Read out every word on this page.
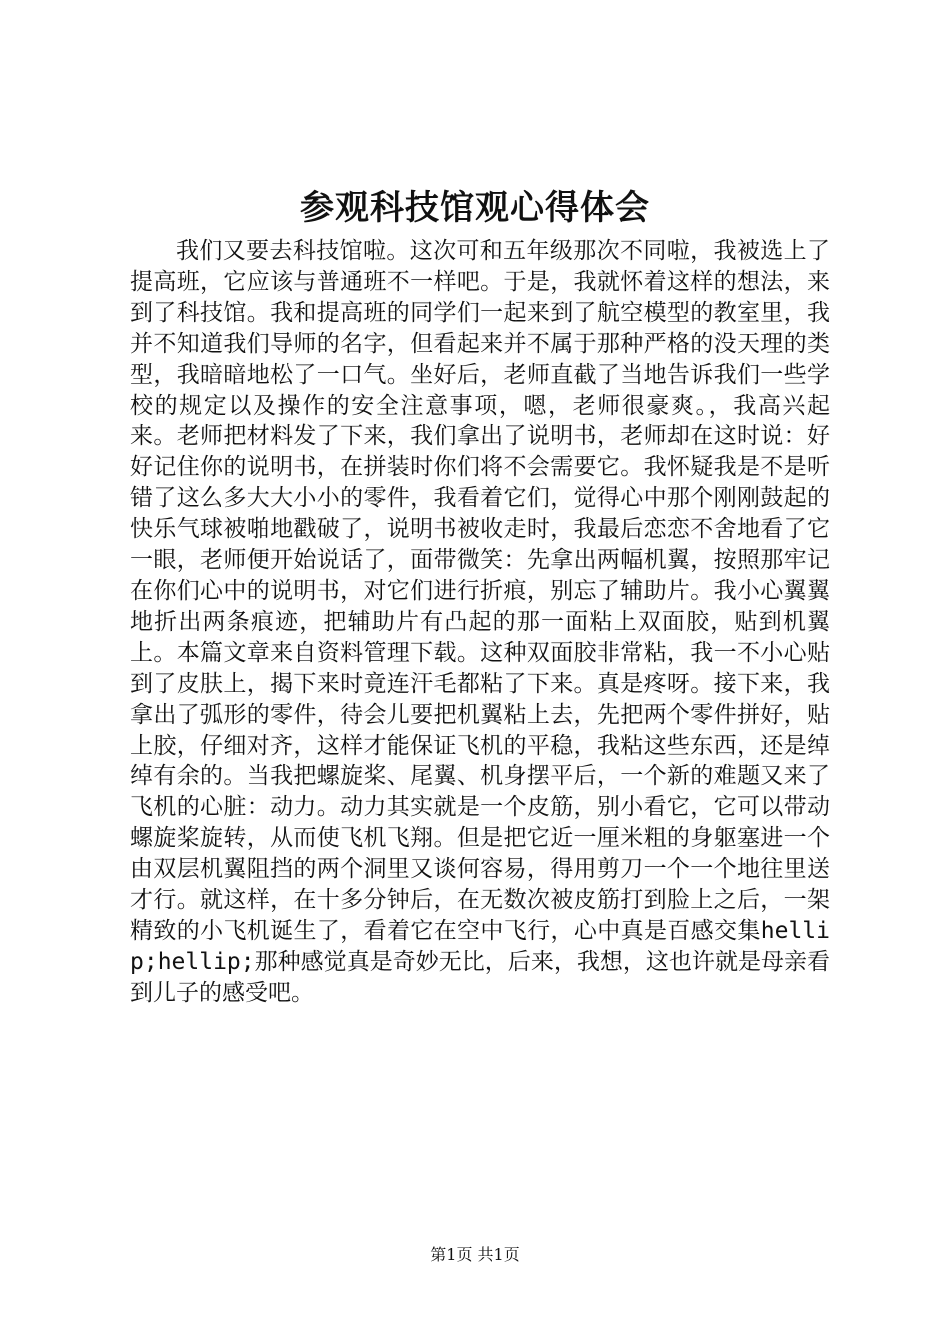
参观科技馆观心得体会

我们又要去科技馆啦。这次可和五年级那次不同啦，我被选上了提高班，它应该与普通班不一样吧。于是，我就怀着这样的想法，来到了科技馆。我和提高班的同学们一起来到了航空模型的教室里，我并不知道我们导师的名字，但看起来并不属于那种严格的没天理的类型，我暗暗地松了一口气。坐好后，老师直截了当地告诉我们一些学校的规定以及操作的安全注意事项，嗯，老师很豪爽。，我高兴起来。老师把材料发了下来，我们拿出了说明书，老师却在这时说：好好记住你的说明书，在拼装时你们将不会需要它。我怀疑我是不是听错了这么多大大小小的零件，我看着它们，觉得心中那个刚刚鼓起的快乐气球被啪地戳破了，说明书被收走时，我最后恋恋不舍地看了它一眼，老师便开始说话了，面带微笑：先拿出两幅机翼，按照那牢记在你们心中的说明书，对它们进行折痕，别忘了辅助片。我小心翼翼地折出两条痕迹，把辅助片有凸起的那一面粘上双面胶，贴到机翼上。本篇文章来自资料管理下载。这种双面胶非常粘，我一不小心贴到了皮肤上，揭下来时竟连汗毛都粘了下来。真是疼呀。接下来，我拿出了弧形的零件，待会儿要把机翼粘上去，先把两个零件拼好，贴上胶，仔细对齐，这样才能保证飞机的平稳，我粘这些东西，还是绰绰有余的。当我把螺旋桨、尾翼、机身摆平后，一个新的难题又来了飞机的心脏：动力。动力其实就是一个皮筋，别小看它，它可以带动螺旋桨旋转，从而使飞机飞翔。但是把它近一厘米粗的身躯塞进一个由双层机翼阻挡的两个洞里又谈何容易，得用剪刀一个一个地往里送才行。就这样，在十多分钟后，在无数次被皮筋打到脸上之后，一架精致的小飞机诞生了，看着它在空中飞行，心中真是百感交集hellip;hellip;那种感觉真是奇妙无比，后来，我想，这也许就是母亲看到儿子的感受吧。

第1页 共1页
